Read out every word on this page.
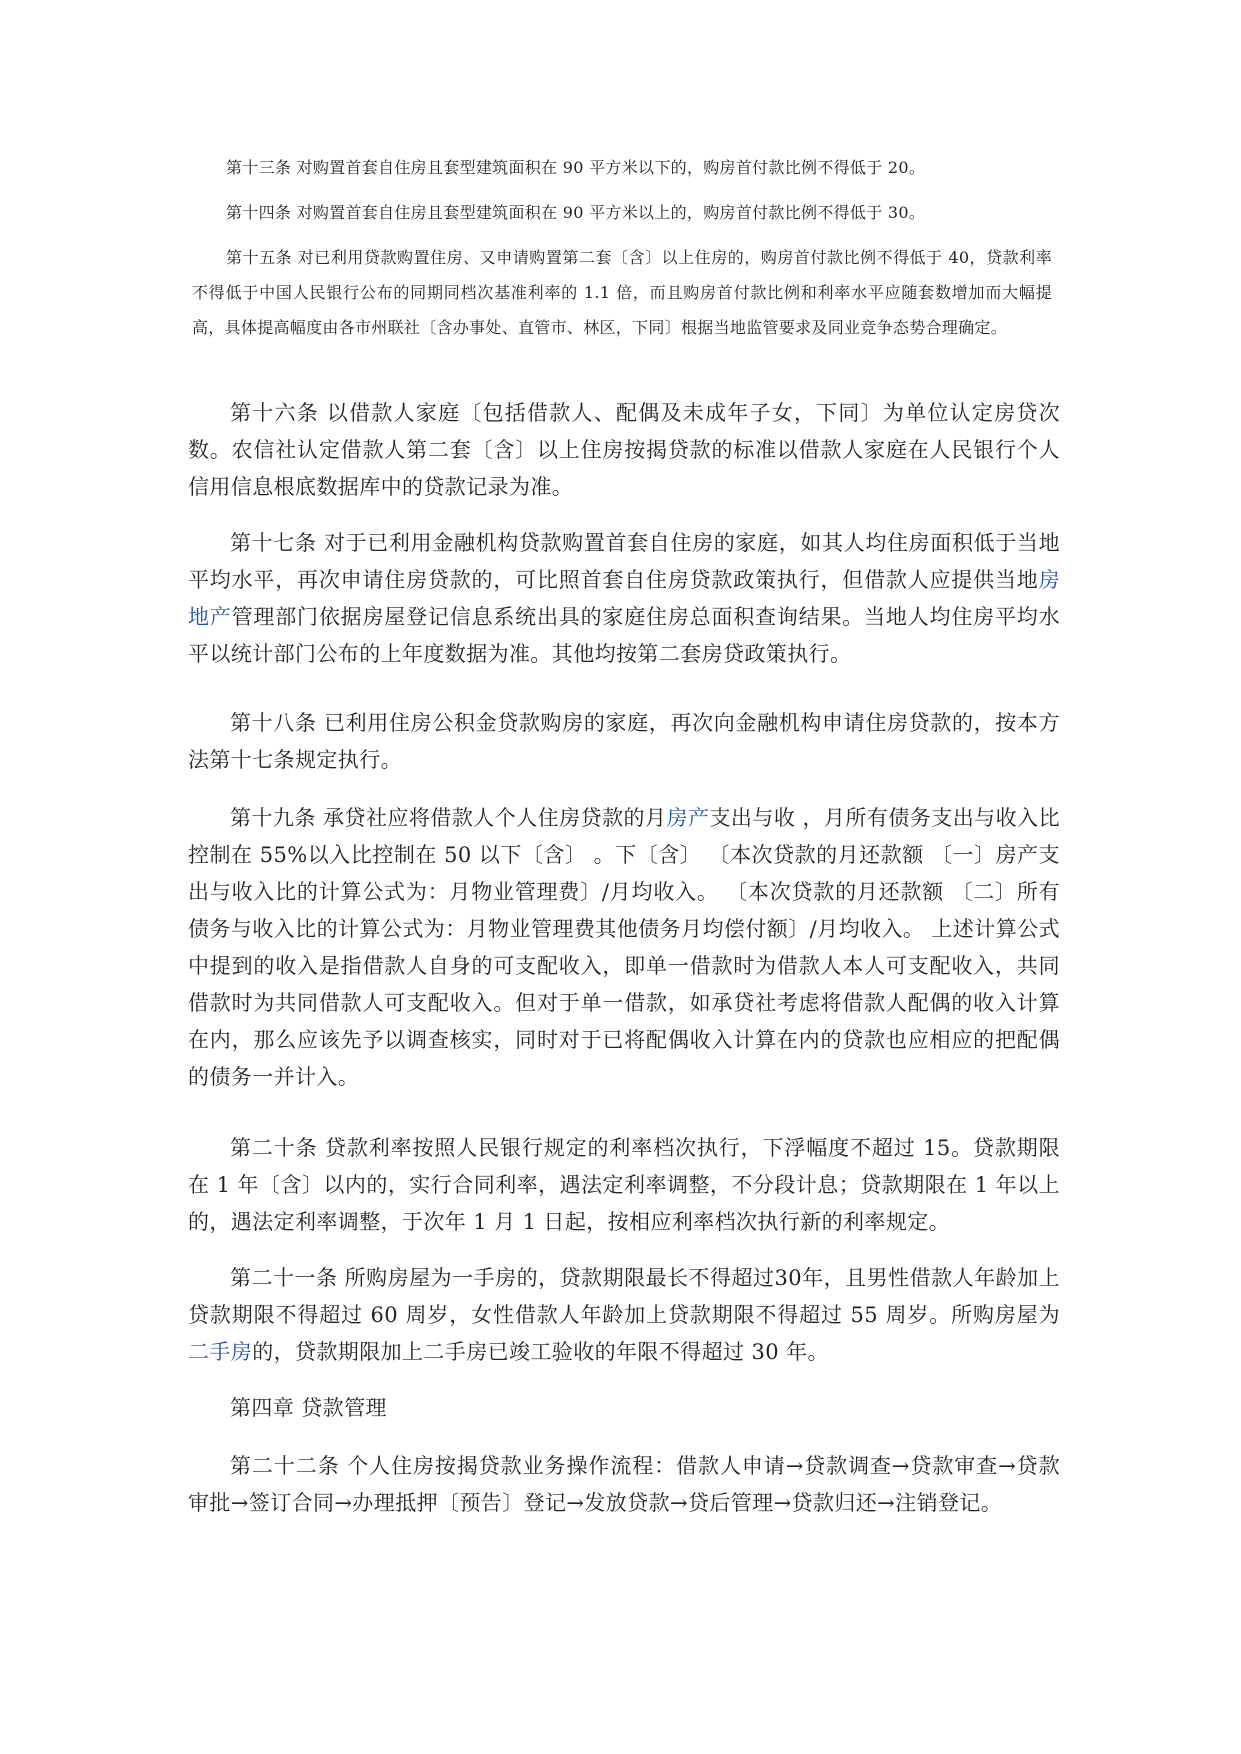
第十三条 对购置首套自住房且套型建筑面积在 90 平方米以下的，购房首付款比例不得低于 20。

第十四条 对购置首套自住房且套型建筑面积在 90 平方米以上的，购房首付款比例不得低于 30。

第十五条 对已利用贷款购置住房、又申请购置第二套〔含〕以上住房的，购房首付款比例不得低于 40，贷款利率不得低于中国人民银行公布的同期同档次基准利率的 1.1 倍，而且购房首付款比例和利率水平应随套数增加而大幅提高，具体提高幅度由各市州联社〔含办事处、直管市、林区，下同〕根据当地监管要求及同业竞争态势合理确定。

第十六条 以借款人家庭〔包括借款人、配偶及未成年子女，下同〕为单位认定房贷次数。农信社认定借款人第二套〔含〕以上住房按揭贷款的标准以借款人家庭在人民银行个人信用信息根底数据库中的贷款记录为准。

第十七条 对于已利用金融机构贷款购置首套自住房的家庭，如其人均住房面积低于当地平均水平，再次申请住房贷款的，可比照首套自住房贷款政策执行，但借款人应提供当地房地产管理部门依据房屋登记信息系统出具的家庭住房总面积查询结果。当地人均住房平均水平以统计部门公布的上年度数据为准。其他均按第二套房贷政策执行。

第十八条 已利用住房公积金贷款购房的家庭，再次向金融机构申请住房贷款的，按本方法第十七条规定执行。

第十九条 承贷社应将借款人个人住房贷款的月房产支出与收 ，月所有债务支出与收入比控制在 55%以入比控制在 50 以下〔含〕 。下〔含〕 〔本次贷款的月还款额 〔一〕房产支出与收入比的计算公式为：月物业管理费〕/月均收入。 〔本次贷款的月还款额 〔二〕所有债务与收入比的计算公式为：月物业管理费其他债务月均偿付额〕/月均收入。 上述计算公式中提到的收入是指借款人自身的可支配收入，即单一借款时为借款人本人可支配收入，共同借款时为共同借款人可支配收入。但对于单一借款，如承贷社考虑将借款人配偶的收入计算在内，那么应该先予以调查核实，同时对于已将配偶收入计算在内的贷款也应相应的把配偶的债务一并计入。

第二十条 贷款利率按照人民银行规定的利率档次执行，下浮幅度不超过 15。贷款期限在 1 年〔含〕以内的，实行合同利率，遇法定利率调整，不分段计息；贷款期限在 1 年以上的，遇法定利率调整，于次年 1 月 1 日起，按相应利率档次执行新的利率规定。

第二十一条 所购房屋为一手房的，贷款期限最长不得超过30年，且男性借款人年龄加上贷款期限不得超过 60 周岁，女性借款人年龄加上贷款期限不得超过 55 周岁。所购房屋为二手房的，贷款期限加上二手房已竣工验收的年限不得超过 30 年。

第四章 贷款管理

第二十二条 个人住房按揭贷款业务操作流程：借款人申请→贷款调查→贷款审查→贷款审批→签订合同→办理抵押〔预告〕登记→发放贷款→贷后管理→贷款归还→注销登记。
